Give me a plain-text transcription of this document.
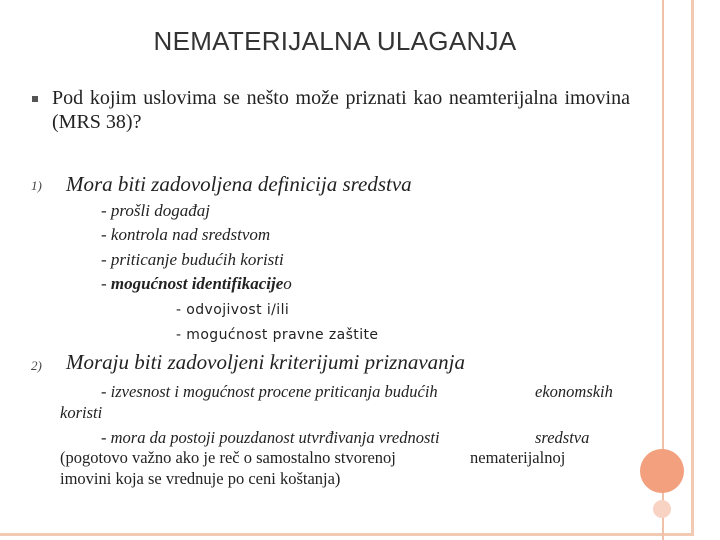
NEMATERIJALNA ULAGANJA
Pod kojim uslovima se nešto može priznati kao neamterijalna imovina (MRS 38)?
1) Mora biti zadovoljena definicija sredstva
- prošli događaj
- kontrola nad sredstvom
- priticanje budućih koristi
- mogućnost identifikacijeo
- odvojivost i/ili
- mogućnost pravne zaštite
2) Moraju biti zadovoljeni kriterijumi priznavanja
- izvesnost i mogućnost procene priticanja budućih	ekonomskih
koristi
- mora da postoji pouzdanost utvrđivanja vrednosti	sredstva
(pogotovo važno ako je reč o samostalno stvorenoj	nematerijalnoj
imovini koja se vrednuje po ceni koštanja)
